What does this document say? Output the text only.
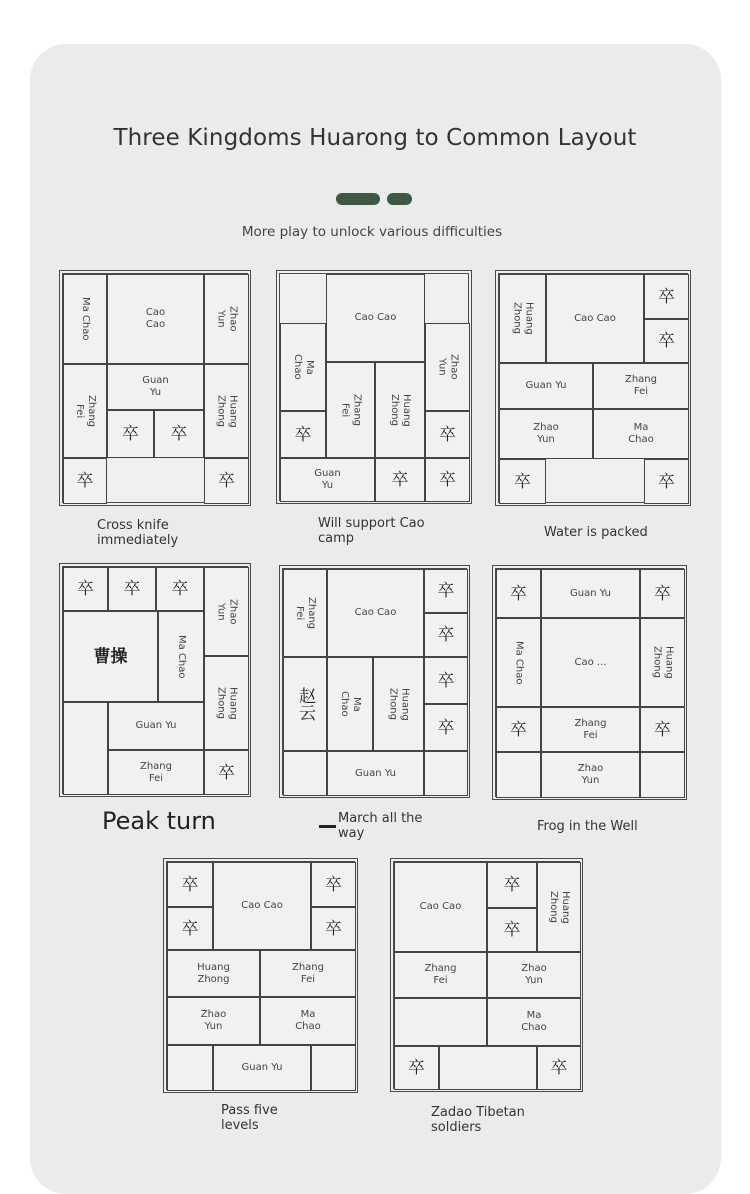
Three Kingdoms Huarong to Common Layout
More play to unlock various difficulties
Ma Chao	Cao
Cao	Zhao
Yun
Zhang
Fei
Guan
Yu
Huang
Zhong
卒 卒
卒	卒
Cross knife
immediately
Cao Cao
Ma
Chao
Zhang
Fei	Huang
Zhong
Zhao
Yun
卒	卒
Guan
Yu	卒 卒
Will support Cao
camp
Huang
Zhong	Cao Cao
卒
卒
Guan Yu
Zhang
Fei
Zhao
Yun
Ma
Chao
卒	卒
Water is packed
卒 卒 卒
Zhao
Yun
曹操	Ma Chao
Huang
Zhong
Guan Yu
Zhang
Fei	卒
Peak turn
Zhang
Fei	Cao Cao
卒
卒
赵云	Ma
Chao	Huang
Zhong
卒
卒
Guan Yu
March all the
way
卒	Guan Yu	卒
Ma Chao	Cao ...	Huang
Zhong
卒	Zhang
Fei	卒
Zhao
Yun
Frog in the Well
卒
Cao Cao
卒
卒	卒
Huang
Zhong
Zhang
Fei
Zhao
Yun
Ma
Chao
Guan Yu
Pass five
levels
Cao Cao
卒
Huang
Zhong
卒
Zhang
Fei
Zhao
Yun
Ma
Chao
卒	卒
Zadao Tibetan
soldiers
